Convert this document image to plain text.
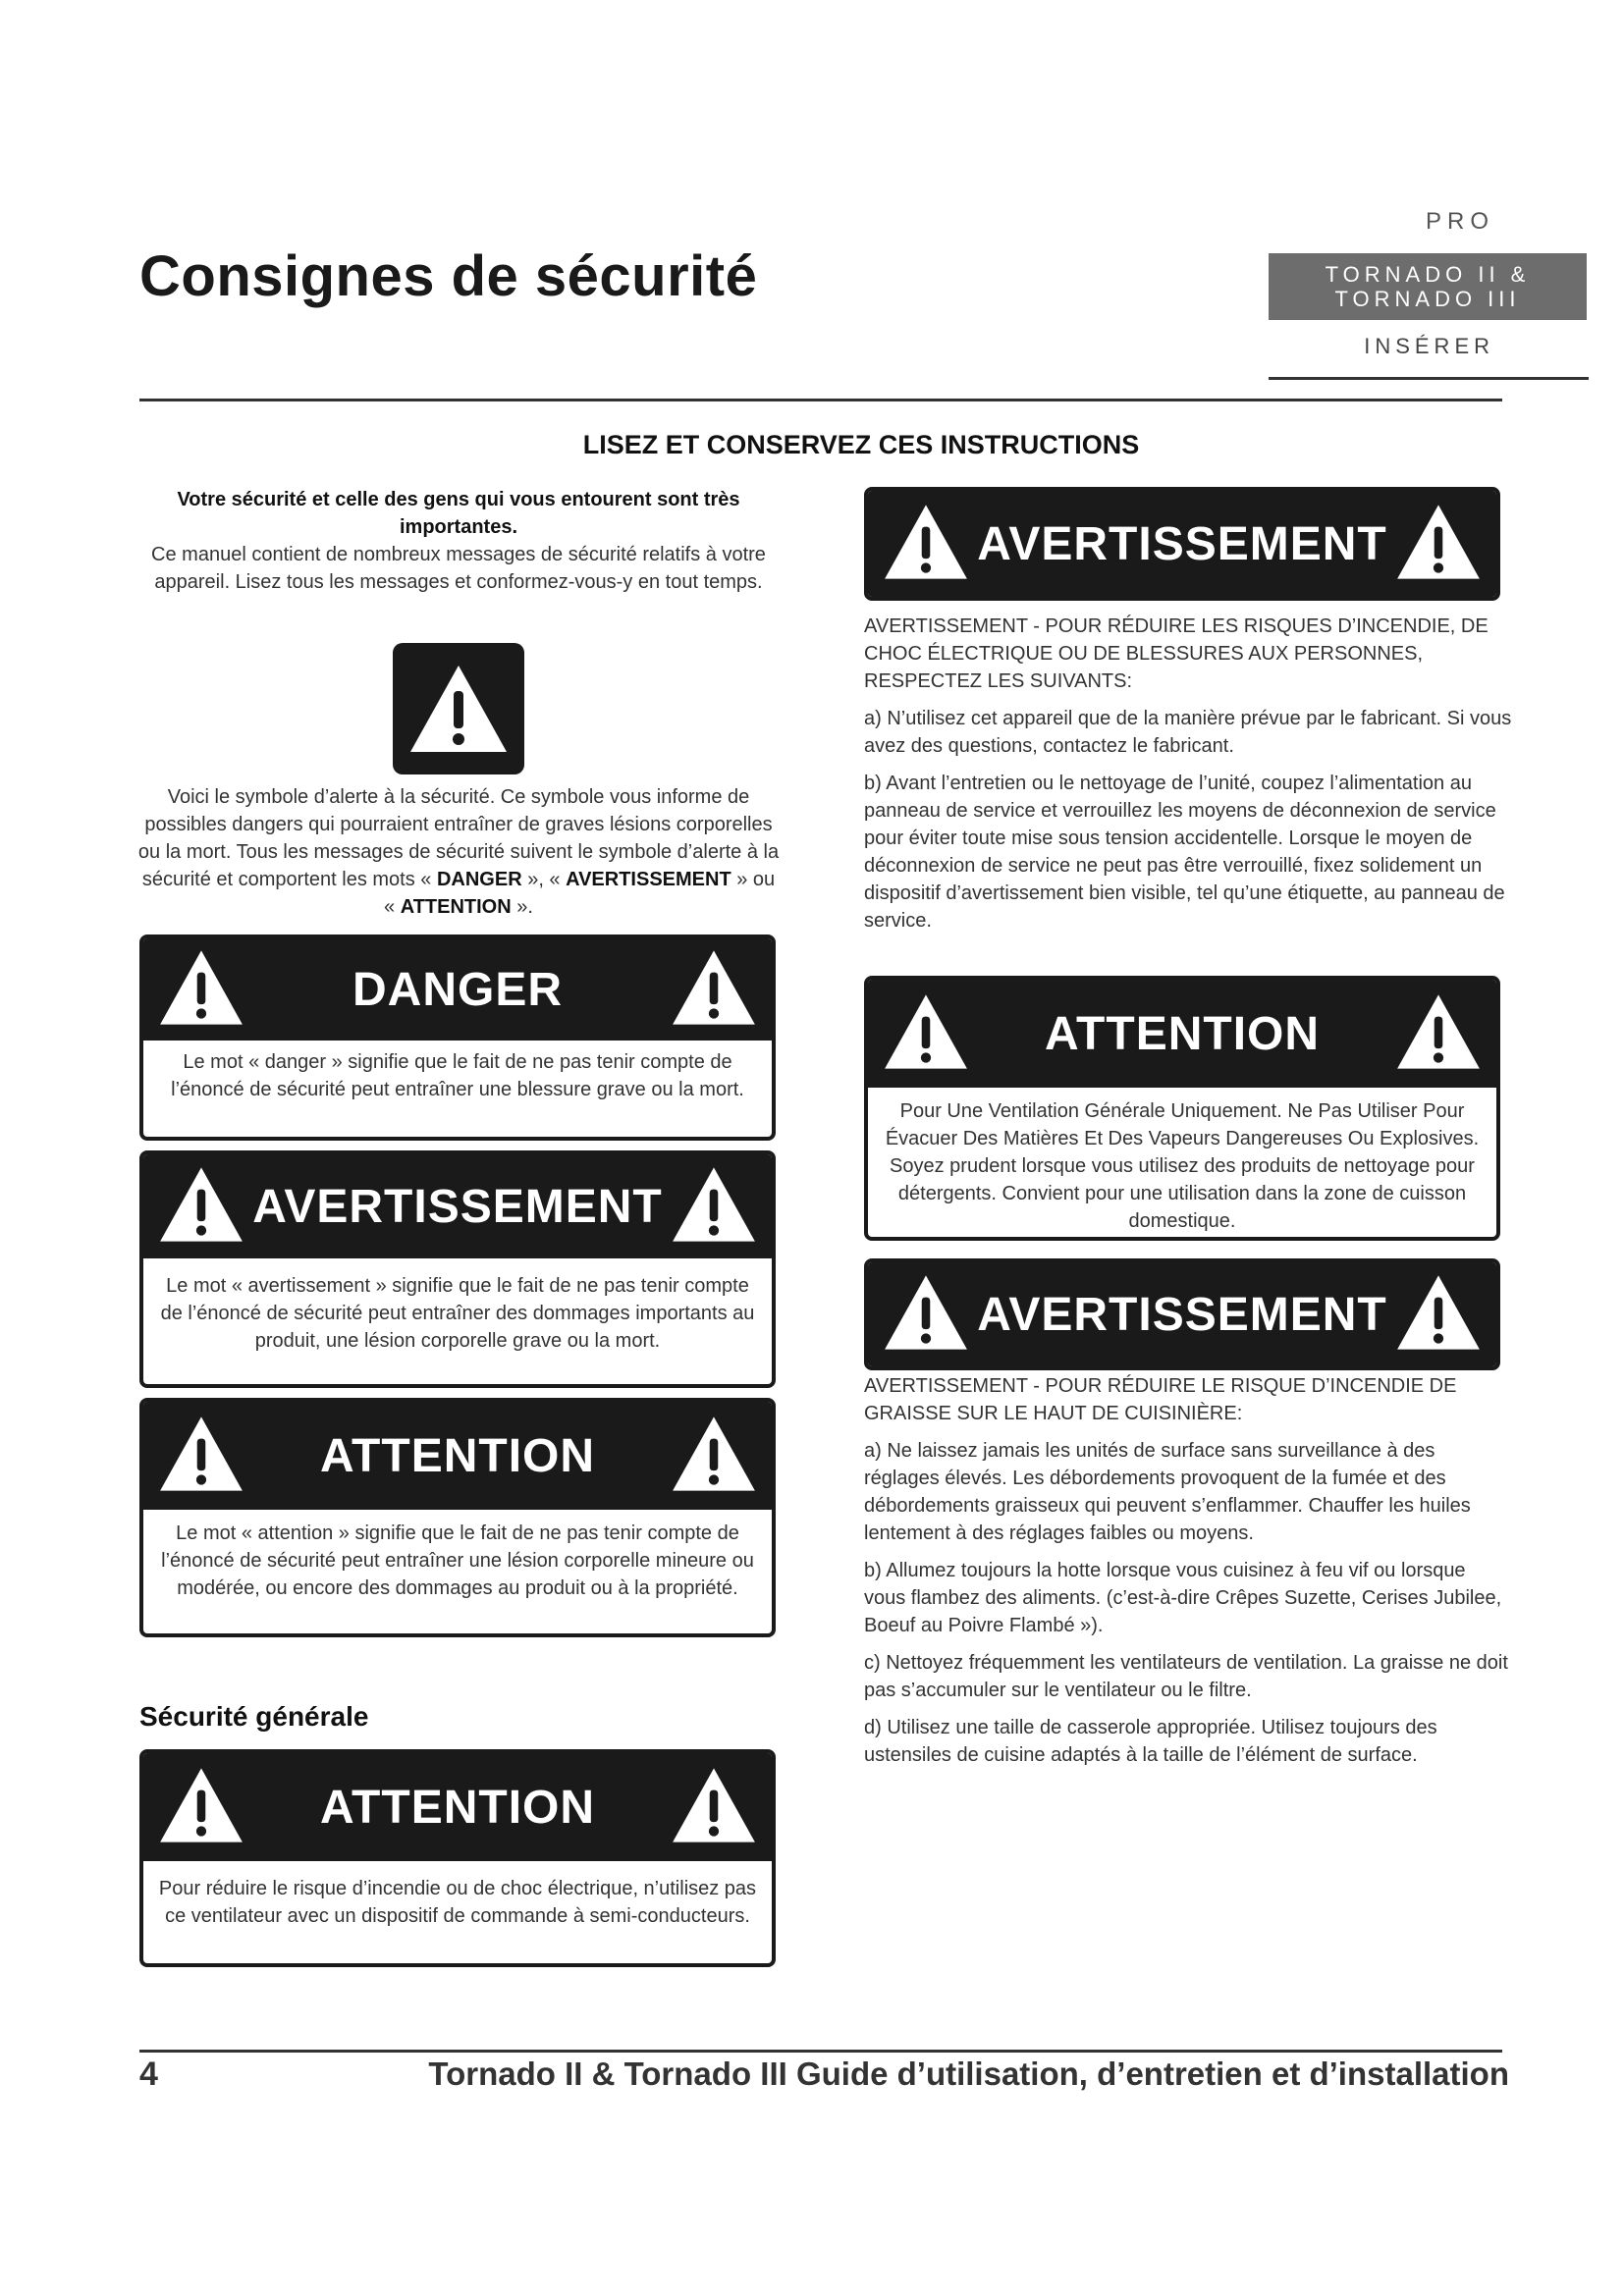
Consignes de sécurité
PRO
TORNADO II &
TORNADO III
INSÉRER
LISEZ ET CONSERVEZ CES INSTRUCTIONS
Votre sécurité et celle des gens qui vous entourent sont très importantes.
Ce manuel contient de nombreux messages de sécurité relatifs à votre appareil. Lisez tous les messages et conformez-vous-y en tout temps.
Voici le symbole d’alerte à la sécurité. Ce symbole vous informe de possibles dangers qui pourraient entraîner de graves lésions corporelles ou la mort. Tous les messages de sécurité suivent le symbole d’alerte à la sécurité et comportent les mots « DANGER », « AVERTISSEMENT » ou « ATTENTION ».
DANGER
Le mot « danger » signifie que le fait de ne pas tenir compte de l’énoncé de sécurité peut entraîner une blessure grave ou la mort.
AVERTISSEMENT
Le mot « avertissement » signifie que le fait de ne pas tenir compte de l’énoncé de sécurité peut entraîner des dommages importants au produit, une lésion corporelle grave ou la mort.
ATTENTION
Le mot « attention » signifie que le fait de ne pas tenir compte de l’énoncé de sécurité peut entraîner une lésion corporelle mineure ou modérée, ou encore des dommages au produit ou à la propriété.
Sécurité générale
ATTENTION
Pour réduire le risque d’incendie ou de choc électrique, n’utilisez pas ce ventilateur avec un dispositif de commande à semi-conducteurs.
AVERTISSEMENT

AVERTISSEMENT - POUR RÉDUIRE LES RISQUES D’INCENDIE, DE CHOC ÉLECTRIQUE OU DE BLESSURES AUX PERSONNES, RESPECTEZ LES SUIVANTS:

a) N’utilisez cet appareil que de la manière prévue par le fabricant. Si vous avez des questions, contactez le fabricant.

b) Avant l’entretien ou le nettoyage de l’unité, coupez l’alimentation au panneau de service et verrouillez les moyens de déconnexion de service pour éviter toute mise sous tension accidentelle. Lorsque le moyen de déconnexion de service ne peut pas être verrouillé, fixez solidement un dispositif d’avertissement bien visible, tel qu’une étiquette, au panneau de service.

ATTENTION
Pour Une Ventilation Générale Uniquement. Ne Pas Utiliser Pour Évacuer Des Matières Et Des Vapeurs Dangereuses Ou Explosives. Soyez prudent lorsque vous utilisez des produits de nettoyage pour détergents. Convient pour une utilisation dans la zone de cuisson domestique.
AVERTISSEMENT

AVERTISSEMENT - POUR RÉDUIRE LE RISQUE D’INCENDIE DE GRAISSE SUR LE HAUT DE CUISINIÈRE:

a) Ne laissez jamais les unités de surface sans surveillance à des réglages élevés. Les débordements provoquent de la fumée et des débordements graisseux qui peuvent s’enflammer. Chauffer les huiles lentement à des réglages faibles ou moyens.

b) Allumez toujours la hotte lorsque vous cuisinez à feu vif ou lorsque vous flambez des aliments. (c’est-à-dire Crêpes Suzette, Cerises Jubilee, Boeuf au Poivre Flambé »).

c) Nettoyez fréquemment les ventilateurs de ventilation. La graisse ne doit pas s’accumuler sur le ventilateur ou le filtre.

d) Utilisez une taille de casserole appropriée. Utilisez toujours des ustensiles de cuisine adaptés à la taille de l’élément de surface.

4	Tornado II & Tornado III Guide d’utilisation, d’entretien et d’installation
